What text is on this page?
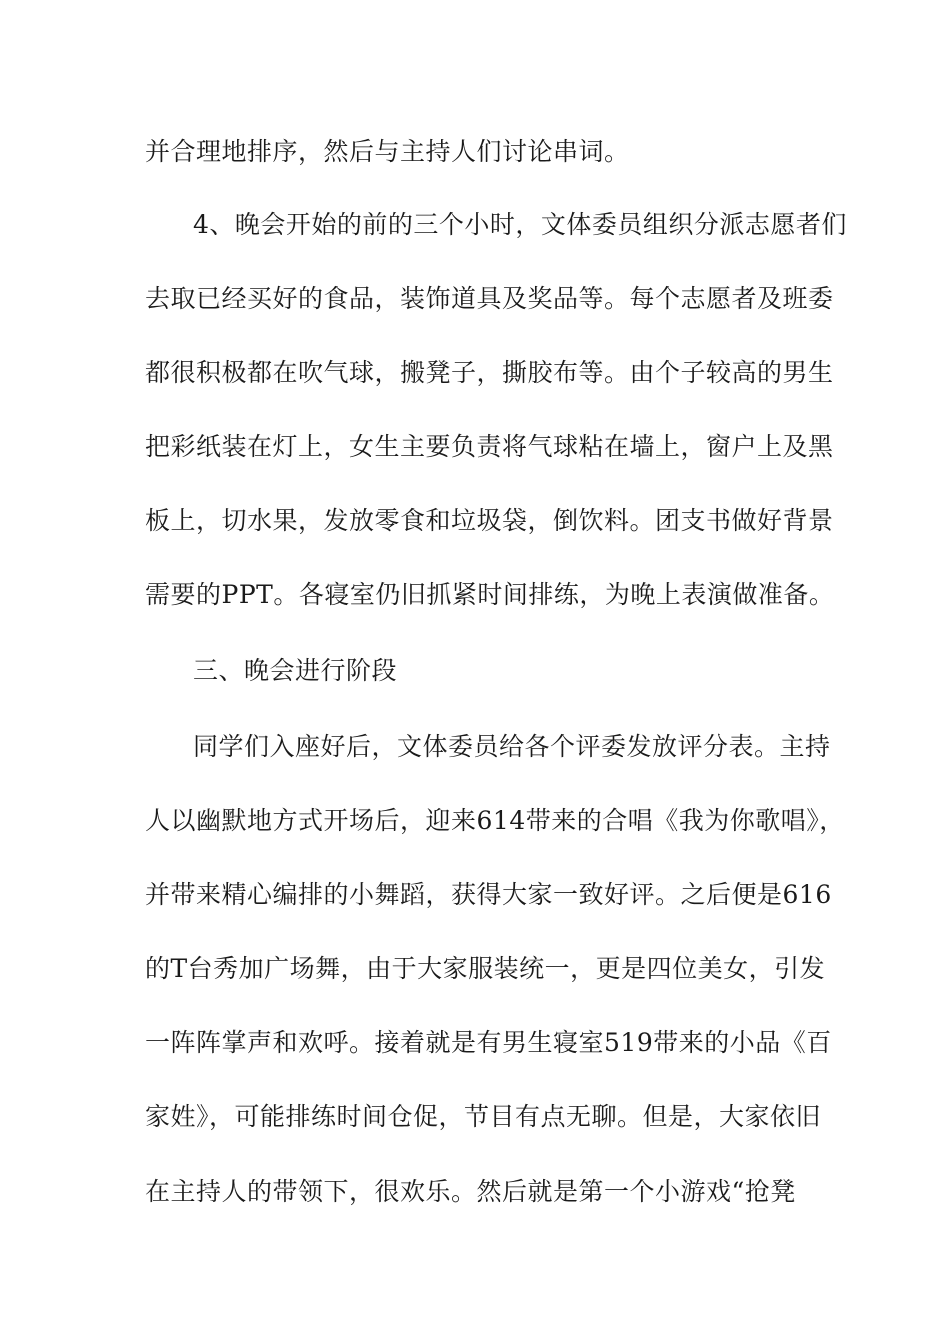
并合理地排序，然后与主持人们讨论串词。
4、晚会开始的前的三个小时，文体委员组织分派志愿者们
去取已经买好的食品，装饰道具及奖品等。每个志愿者及班委
都很积极都在吹气球，搬凳子，撕胶布等。由个子较高的男生
把彩纸装在灯上，女生主要负责将气球粘在墙上，窗户上及黑
板上，切水果，发放零食和垃圾袋，倒饮料。团支书做好背景
需要的PPT。各寝室仍旧抓紧时间排练，为晚上表演做准备。
三、晚会进行阶段
同学们入座好后，文体委员给各个评委发放评分表。主持
人以幽默地方式开场后，迎来614带来的合唱《我为你歌唱》，
并带来精心编排的小舞蹈，获得大家一致好评。之后便是616
的T台秀加广场舞，由于大家服装统一，更是四位美女，引发
一阵阵掌声和欢呼。接着就是有男生寝室519带来的小品《百
家姓》，可能排练时间仓促，节目有点无聊。但是，大家依旧
在主持人的带领下，很欢乐。然后就是第一个小游戏“抢凳
